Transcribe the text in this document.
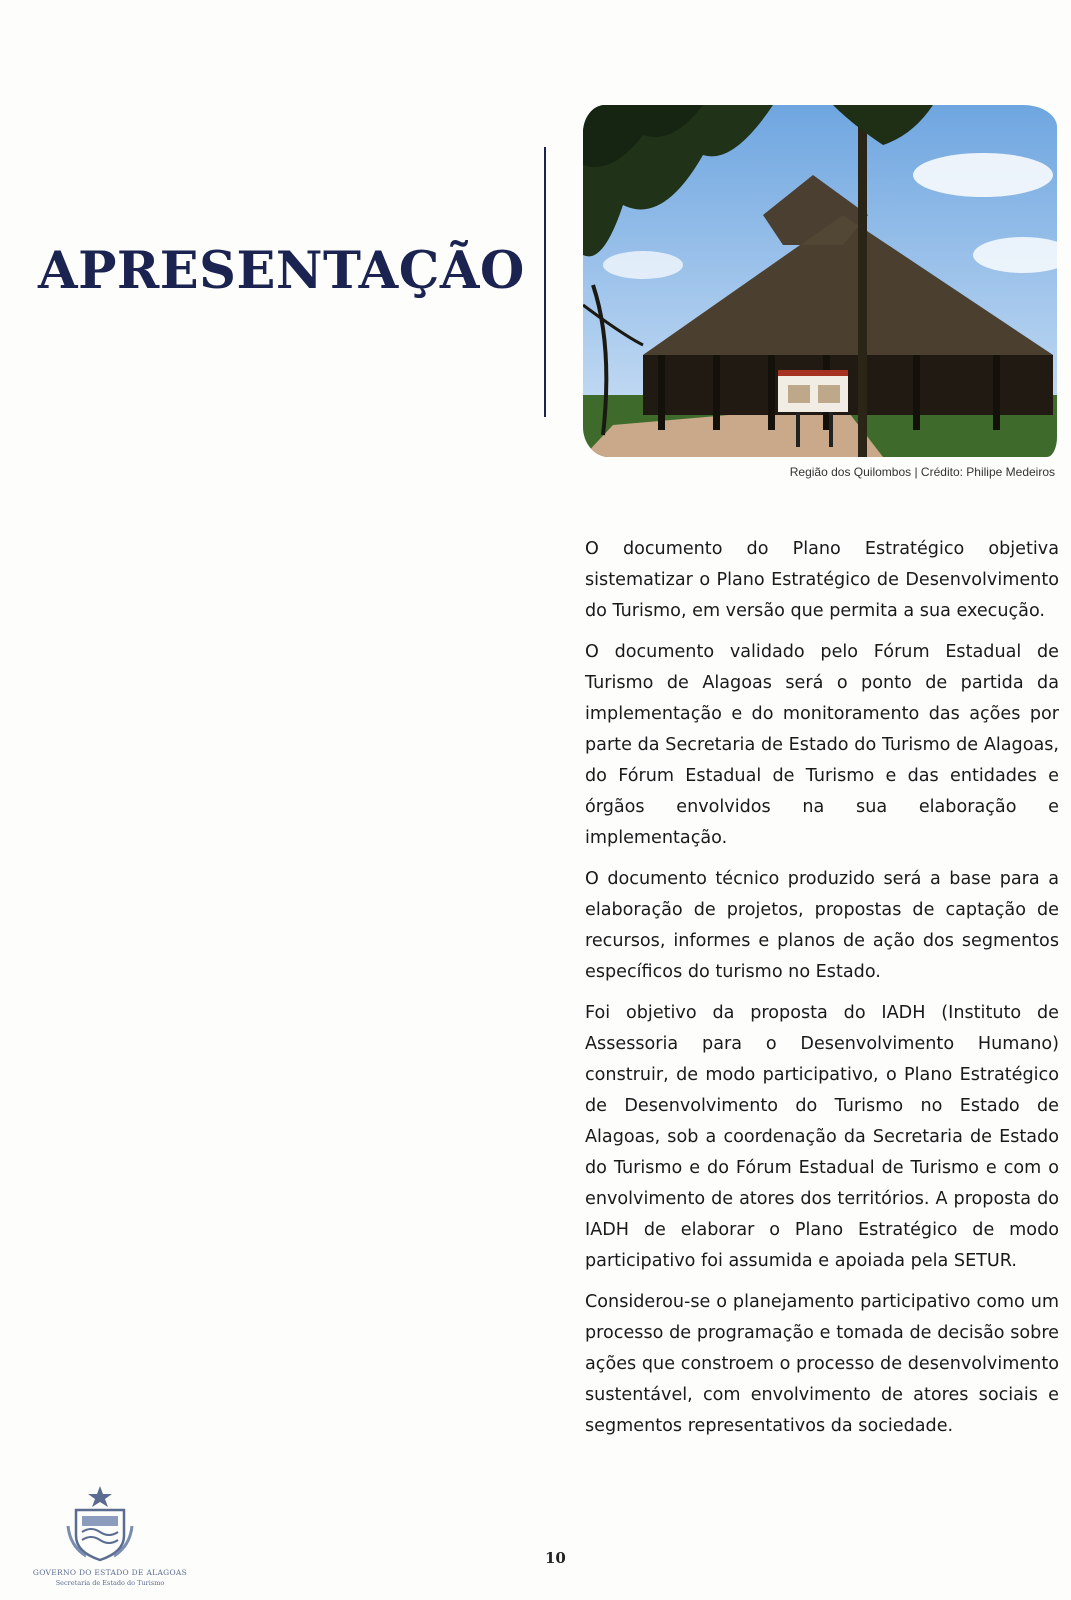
APRESENTAÇÃO
Região dos Quilombos | Crédito: Philipe Medeiros

O documento do Plano Estratégico objetiva sistematizar o Plano Estratégico de Desenvolvimento do Turismo, em versão que permita a sua execução.

O documento validado pelo Fórum Estadual de Turismo de Alagoas será o ponto de partida da implementação e do monitoramento das ações por parte da Secretaria de Estado do Turismo de Alagoas, do Fórum Estadual de Turismo e das entidades e órgãos envolvidos na sua elaboração e implementação.

O documento técnico produzido será a base para a elaboração de projetos, propostas de captação de recursos, informes e planos de ação dos segmentos específicos do turismo no Estado.

Foi objetivo da proposta do IADH (Instituto de Assessoria para o Desenvolvimento Humano) construir, de modo participativo, o Plano Estratégico de Desenvolvimento do Turismo no Estado de Alagoas, sob a coordenação da Secretaria de Estado do Turismo e do Fórum Estadual de Turismo e com o envolvimento de atores dos territórios. A proposta do IADH de elaborar o Plano Estratégico de modo participativo foi assumida e apoiada pela SETUR.

Considerou-se o planejamento participativo como um processo de programação e tomada de decisão sobre ações que constroem o processo de desenvolvimento sustentável, com envolvimento de atores sociais e segmentos representativos da sociedade.

GOVERNO DO ESTADO DE ALAGOAS
Secretaria de Estado do Turismo
10
